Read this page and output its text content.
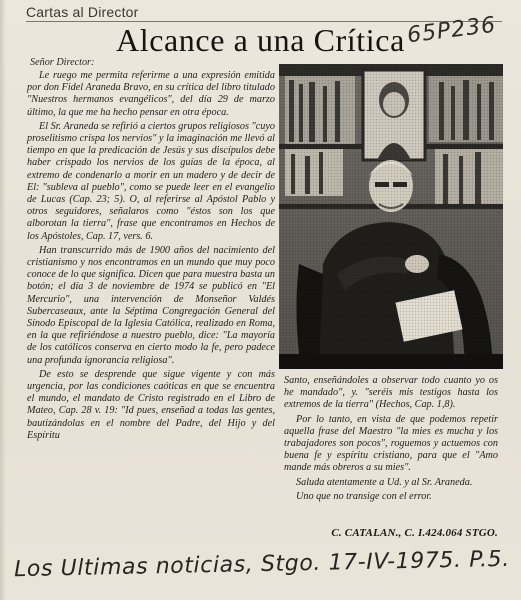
Cartas al Director
Alcance a una Crítica 65P236
Señor Director:

Le ruego me permita referirme a una expresión emitida por don Fidel Araneda Bravo, en su crítica del libro titulado "Nuestros hermanos evangélicos", del día 29 de marzo último, la que me ha hecho pensar en otra época.

El Sr. Araneda se refirió a ciertos grupos religiosos "cuyo proselitismo crispa los nervios" y la imaginación me llevó al tiempo en que la predicación de Jesús y sus discípulos debe haber crispado los nervios de los guías de la época, al extremo de condenarlo a morir en un madero y de decir de El: "subleva al pueblo", como se puede leer en el evangelio de Lucas (Cap. 23; 5). O, al referirse al Apóstol Pablo y otros seguidores, señalaros como "éstos son los que alborotan la tierra", frase que encontramos en Hechos de los Apóstoles, Cap. 17, vers. 6.

Han transcurrido más de 1900 años del nacimiento del cristianismo y nos encontramos en un mundo que muy poco conoce de lo que significa. Dicen que para muestra basta un botón; el día 3 de noviembre de 1974 se publicó en "El Mercurio", una intervención de Monseñor Valdés Subercaseaux, ante la Séptima Congregación General del Sínodo Episcopal de la Iglesia Católica, realizado en Roma, en la que refiriéndose a nuestro pueblo, dice: "La mayoría de los católicos conserva en cierto modo la fe, pero padece una profunda ignorancia religiosa".

De esto se desprende que sigue vigente y con más urgencia, por las condiciones caóticas en que se encuentra el mundo, el mandato de Cristo registrado en el Libro de Mateo, Cap. 28 v. 19: "Id pues, enseñad a todas las gentes, bautizándolas en el nombre del Padre, del Hijo y del Espíritu

Santo, enseñándoles a observar todo cuanto yo os he mandado", y. "seréis mis testigos hasta los extremos de la tierra" (Hechos, Cap. 1,8).

Por lo tanto, en vista de que podemos repetir aquella frase del Maestro "la mies es mucha y los trabajadores son pocos", roguemos y actuemos con buena fe y espíritu cristiano, para que el "Amo mande más obreros a su mies".

Saluda atentamente a Ud. y al Sr. Araneda.

Uno que no transige con el error.

C. CATALAN., C. I.424.064 STGO.
Los Ultimas noticias, Stgo. 17-IV-1975. P.5.
